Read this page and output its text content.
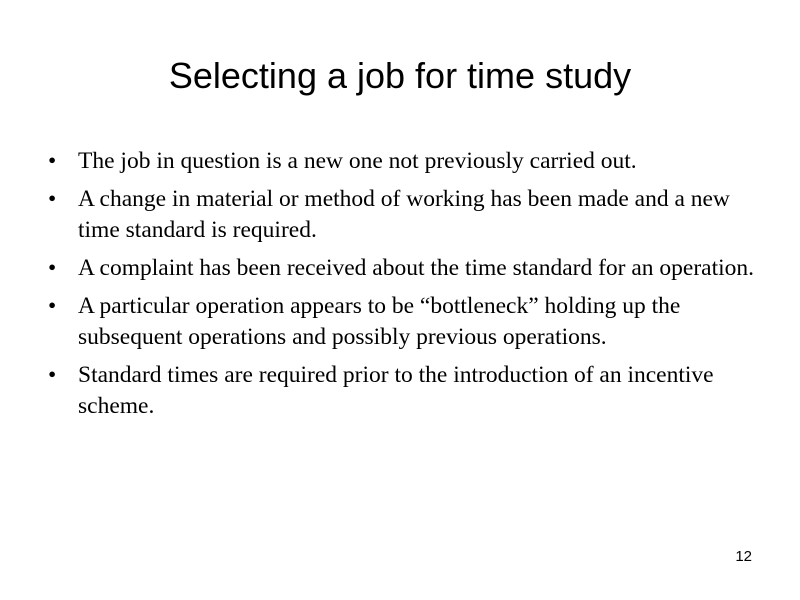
Selecting a job for time study
• The job in question is a new one not previously carried out.
• A change in material or method of working has been made and a new time standard is required.
• A complaint has been received about the time standard for an operation.
• A particular operation appears to be “bottleneck” holding up the subsequent operations and possibly previous operations.
• Standard times are required prior to the introduction of an incentive scheme.
12
